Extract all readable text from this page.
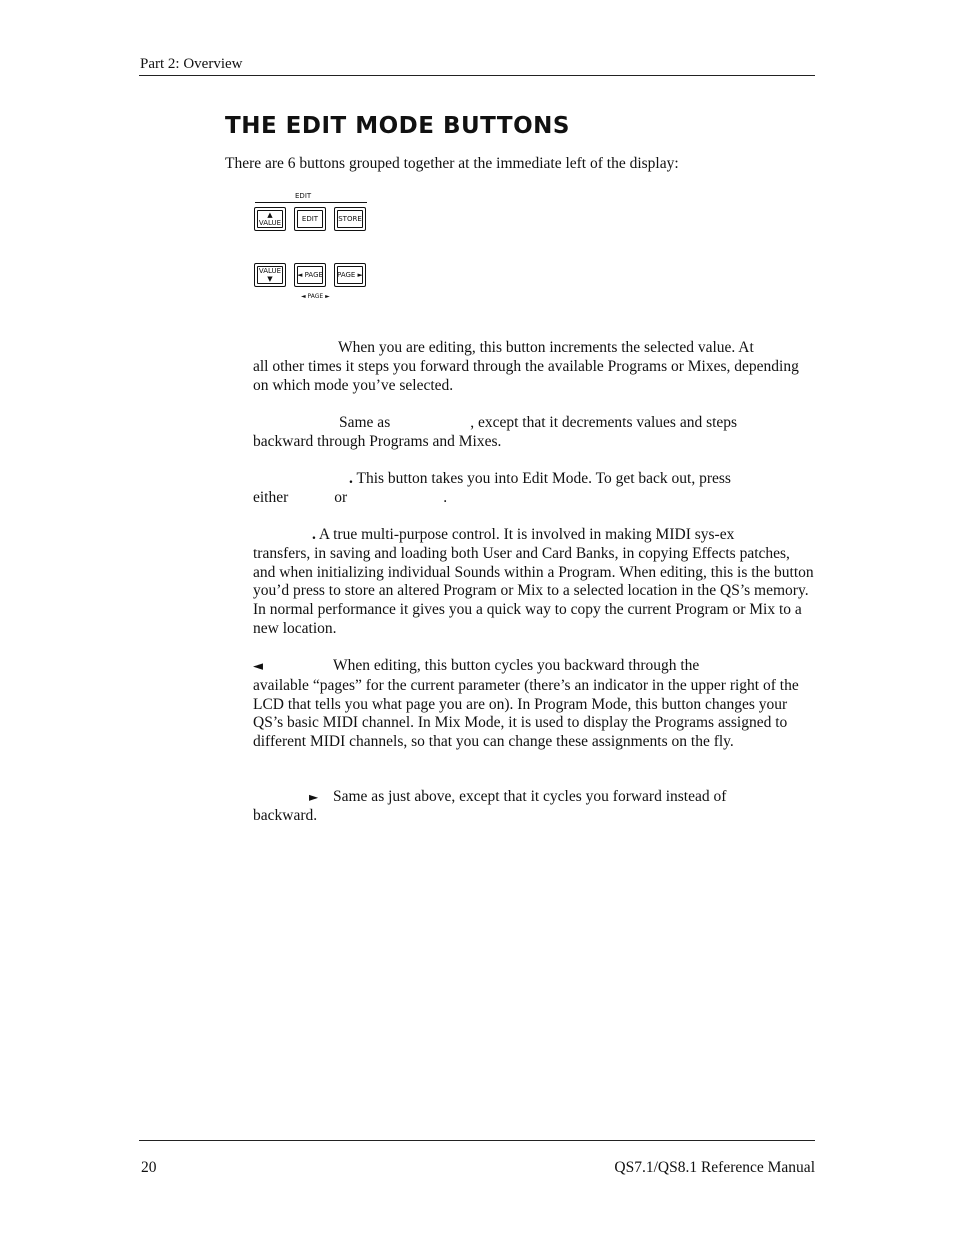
Part 2: Overview
THE EDIT MODE BUTTONS
There are 6 buttons grouped together at the immediate left of the display:
EDIT
▲
VALUE	EDIT	STORE
VALUE
▼	◄ PAGE PAGE ►
◄ PAGE ►
When you are editing, this button increments the selected value. At
all other times it steps you forward through the available Programs or Mixes, depending on which mode you’ve selected.
Same as	, except that it decrements values and steps
backward through Programs and Mixes.
. This button takes you into Edit Mode. To get back out, press
either	or	.
. A true multi-purpose control. It is involved in making MIDI sys-ex
transfers, in saving and loading both User and Card Banks, in copying Effects patches, and when initializing individual Sounds within a Program. When editing, this is the button you’d press to store an altered Program or Mix to a selected location in the QS’s memory. In normal performance it gives you a quick way to copy the current Program or Mix to a new location.
◄	When editing, this button cycles you backward through the
available “pages” for the current parameter (there’s an indicator in the upper right of the LCD that tells you what page you are on). In Program Mode, this button changes your QS’s basic MIDI channel. In Mix Mode, it is used to display the Programs assigned to different MIDI channels, so that you can change these assignments on the fly.
► Same as just above, except that it cycles you forward instead of
backward.
20	QS7.1/QS8.1 Reference Manual
